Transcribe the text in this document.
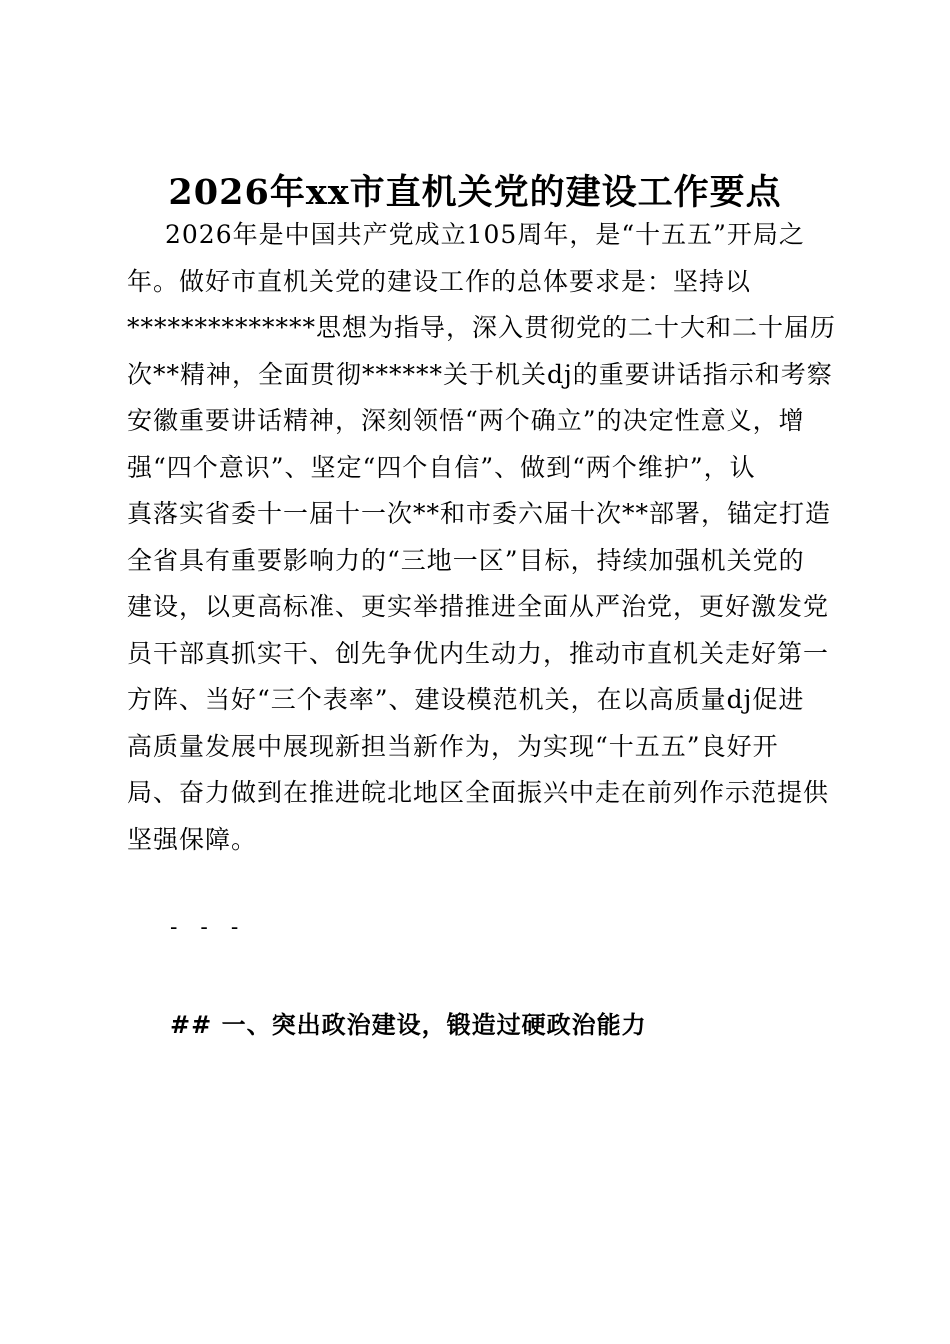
2026年xx市直机关党的建设工作要点
2026年是中国共产党成立105周年，是“十五五”开局之
年。做好市直机关党的建设工作的总体要求是：坚持以
**************思想为指导，深入贯彻党的二十大和二十届历
次**精神，全面贯彻******关于机关dj的重要讲话指示和考察
安徽重要讲话精神，深刻领悟“两个确立”的决定性意义，增
强“四个意识”、坚定“四个自信”、做到“两个维护”，认
真落实省委十一届十一次**和市委六届十次**部署，锚定打造
全省具有重要影响力的“三地一区”目标，持续加强机关党的
建设，以更高标准、更实举措推进全面从严治党，更好激发党
员干部真抓实干、创先争优内生动力，推动市直机关走好第一
方阵、当好“三个表率”、建设模范机关，在以高质量dj促进
高质量发展中展现新担当新作为，为实现“十五五”良好开
局、奋力做到在推进皖北地区全面振兴中走在前列作示范提供
坚强保障。
- - -
## 一、突出政治建设，锻造过硬政治能力
